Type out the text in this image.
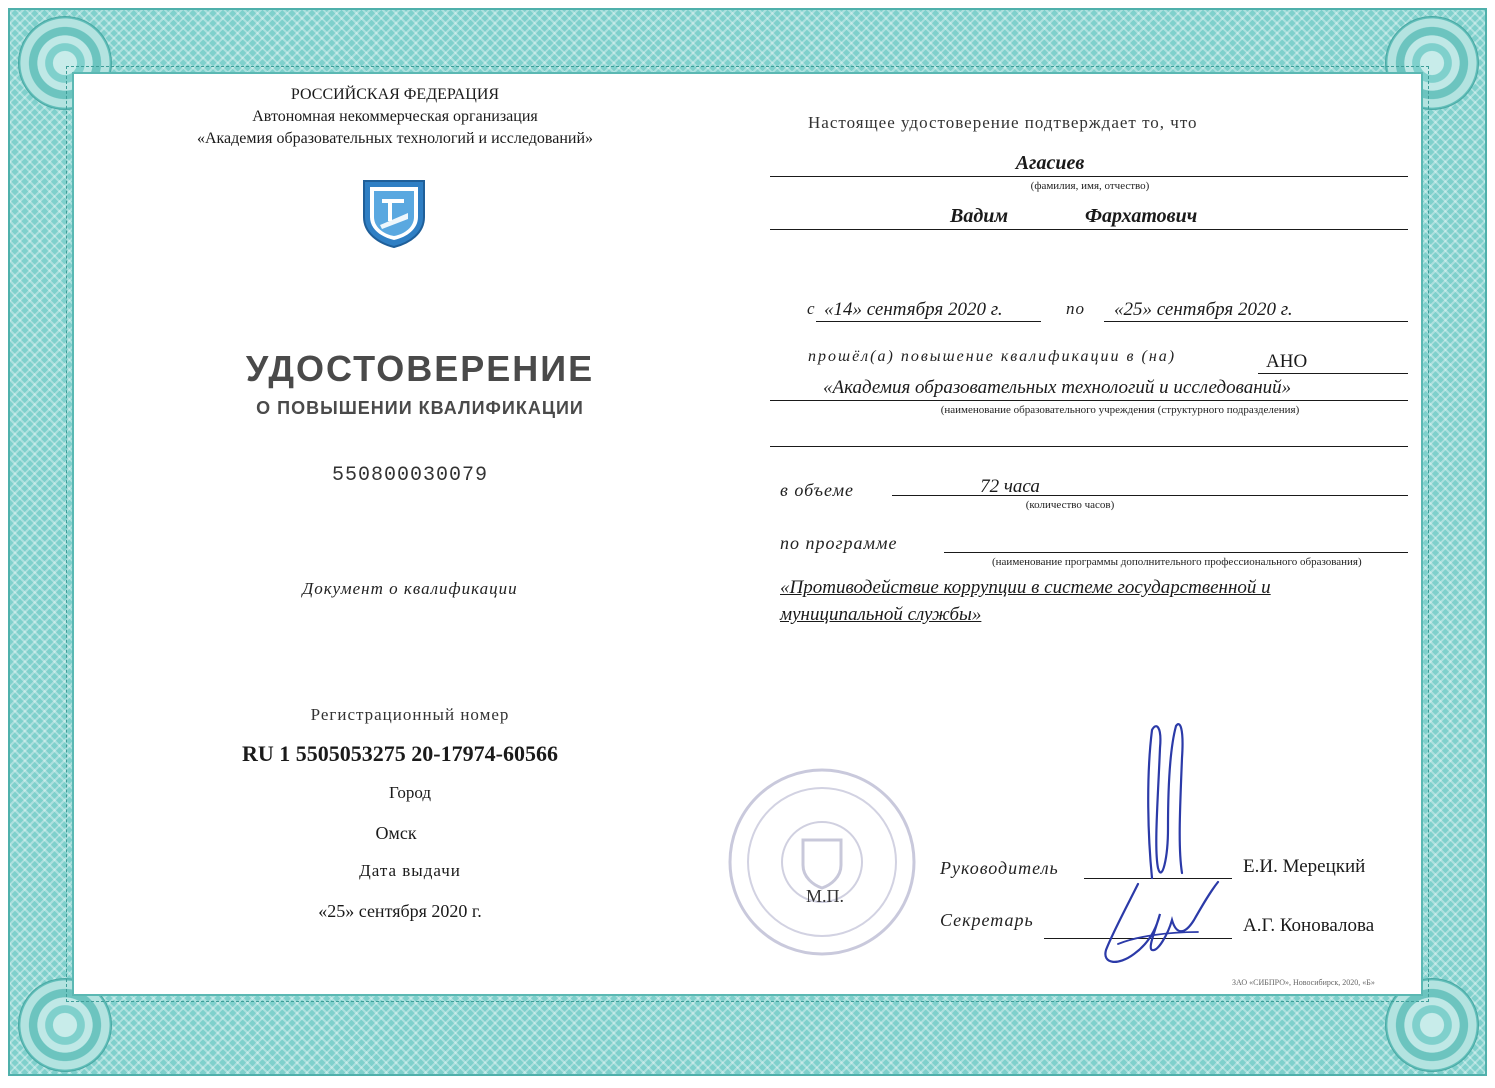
РОССИЙСКАЯ ФЕДЕРАЦИЯ
Автономная некоммерческая организация
«Академия образовательных технологий и исследований»
УДОСТОВЕРЕНИЕ
О ПОВЫШЕНИИ КВАЛИФИКАЦИИ
550800030079
Документ о квалификации
Регистрационный номер
RU 1 5505053275 20-17974-60566
Город
Омск
Дата выдачи
«25» сентября 2020 г.
М.П.
Настоящее удостоверение подтверждает то, что
Агасиев
(фамилия, имя, отчество)
Вадим	Фархатович
с «14» сентября 2020 г.	по «25» сентября 2020 г.
прошёл(а) повышение квалификации в (на)	АНО
«Академия образовательных технологий и исследований»
(наименование образовательного учреждения (структурного подразделения)
в объеме	72 часа
(количество часов)
по программе
(наименование программы дополнительного профессионального образования)
«Противодействие коррупции в системе государственной и
муниципальной службы»
Руководитель	Е.И. Мерецкий
Секретарь	А.Г. Коновалова
ЗАО «СИБПРО», Новосибирск, 2020, «Б»
